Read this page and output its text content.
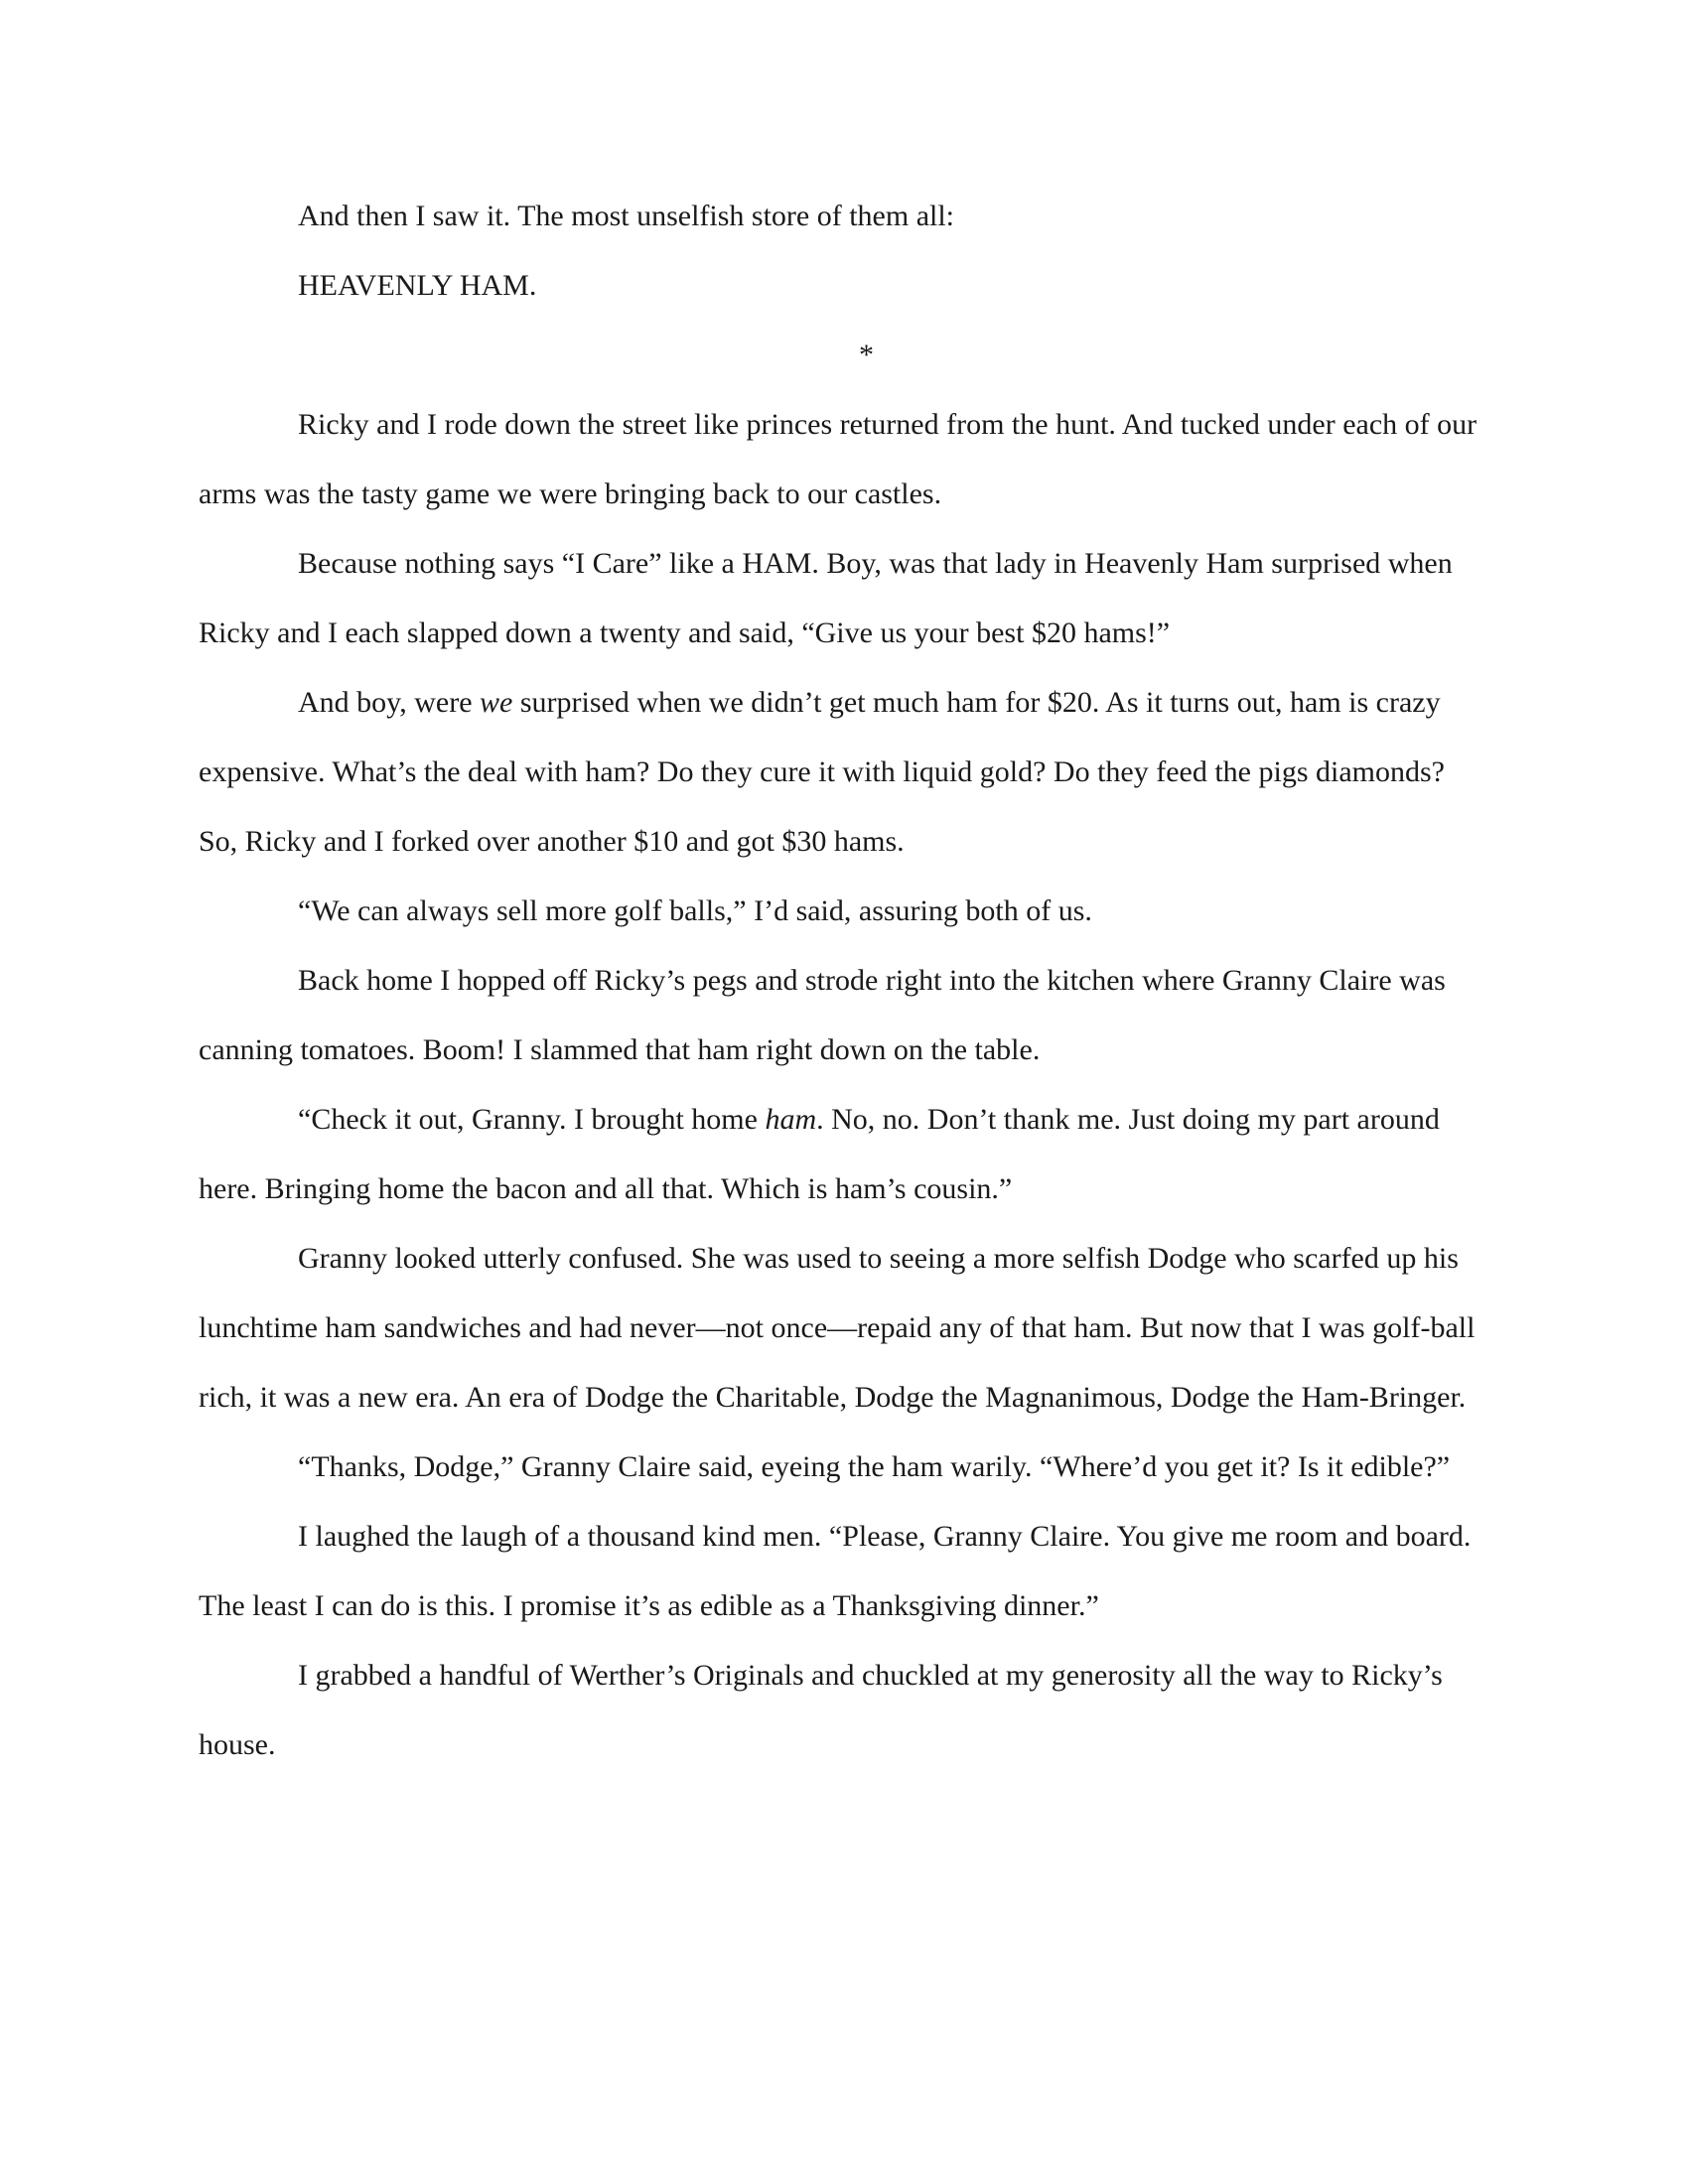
And then I saw it. The most unselfish store of them all:

HEAVENLY HAM.

*

Ricky and I rode down the street like princes returned from the hunt. And tucked under each of our arms was the tasty game we were bringing back to our castles.

Because nothing says “I Care” like a HAM. Boy, was that lady in Heavenly Ham surprised when Ricky and I each slapped down a twenty and said, “Give us your best $20 hams!”

And boy, were we surprised when we didn’t get much ham for $20. As it turns out, ham is crazy expensive. What’s the deal with ham? Do they cure it with liquid gold? Do they feed the pigs diamonds? So, Ricky and I forked over another $10 and got $30 hams.

“We can always sell more golf balls,” I’d said, assuring both of us.

Back home I hopped off Ricky’s pegs and strode right into the kitchen where Granny Claire was canning tomatoes. Boom! I slammed that ham right down on the table.

“Check it out, Granny. I brought home ham. No, no. Don’t thank me. Just doing my part around here. Bringing home the bacon and all that. Which is ham’s cousin.”

Granny looked utterly confused. She was used to seeing a more selfish Dodge who scarfed up his lunchtime ham sandwiches and had never—not once—repaid any of that ham. But now that I was golf-ball rich, it was a new era. An era of Dodge the Charitable, Dodge the Magnanimous, Dodge the Ham-Bringer.

“Thanks, Dodge,” Granny Claire said, eyeing the ham warily. “Where’d you get it? Is it edible?”

I laughed the laugh of a thousand kind men. “Please, Granny Claire. You give me room and board. The least I can do is this. I promise it’s as edible as a Thanksgiving dinner.”

I grabbed a handful of Werther’s Originals and chuckled at my generosity all the way to Ricky’s house.
